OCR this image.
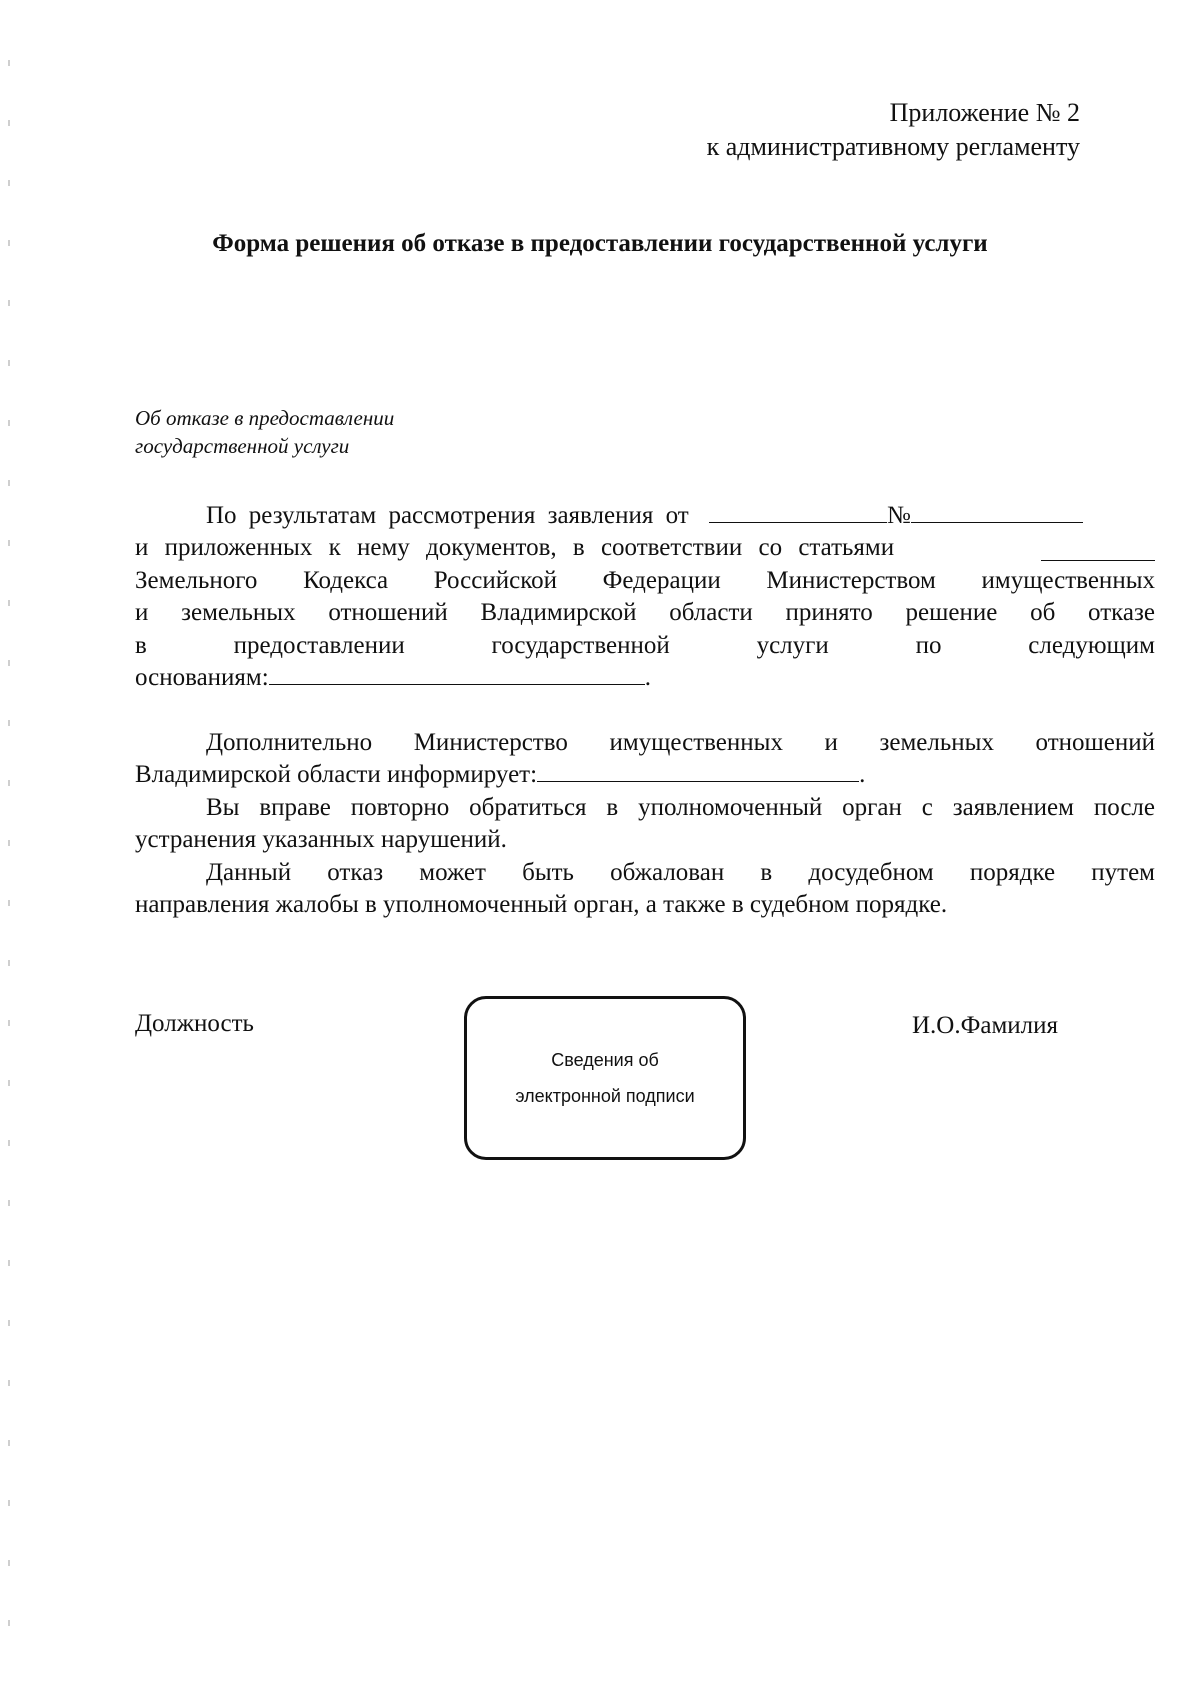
Приложение № 2
к административному регламенту
Форма решения об отказе в предоставлении государственной услуги
Об отказе в предоставлении
государственной услуги
По результатам рассмотрения заявления от	№
и приложенных к нему документов, в соответствии со статьями
Земельного Кодекса Российской Федерации Министерством имущественных
и земельных отношений Владимирской области принято решение об отказе
в предоставлении государственной услуги по следующим
основаниям:	.
Дополнительно Министерство имущественных и земельных отношений
Владимирской области информирует:	.
Вы вправе повторно обратиться в уполномоченный орган с заявлением после
устранения указанных нарушений.
Данный отказ может быть обжалован в досудебном порядке путем
направления жалобы в уполномоченный орган, а также в судебном порядке.
Должность
Сведения об
электронной подписи
И.О.Фамилия
